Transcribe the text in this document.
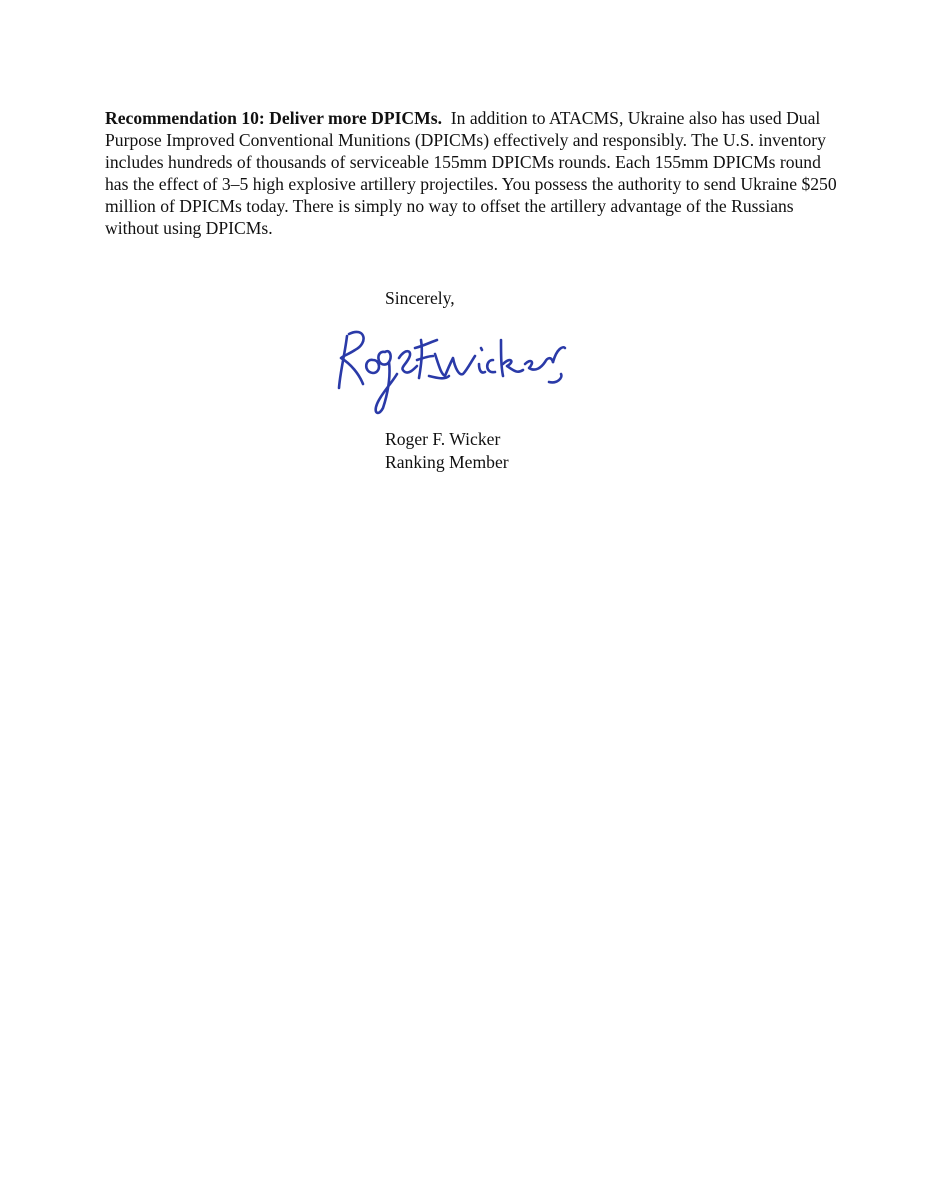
Recommendation 10: Deliver more DPICMs. In addition to ATACMS, Ukraine also has used Dual Purpose Improved Conventional Munitions (DPICMs) effectively and responsibly. The U.S. inventory includes hundreds of thousands of serviceable 155mm DPICMs rounds. Each 155mm DPICMs round has the effect of 3–5 high explosive artillery projectiles. You possess the authority to send Ukraine $250 million of DPICMs today. There is simply no way to offset the artillery advantage of the Russians without using DPICMs.

Sincerely,

Roger F. Wicker
Ranking Member
